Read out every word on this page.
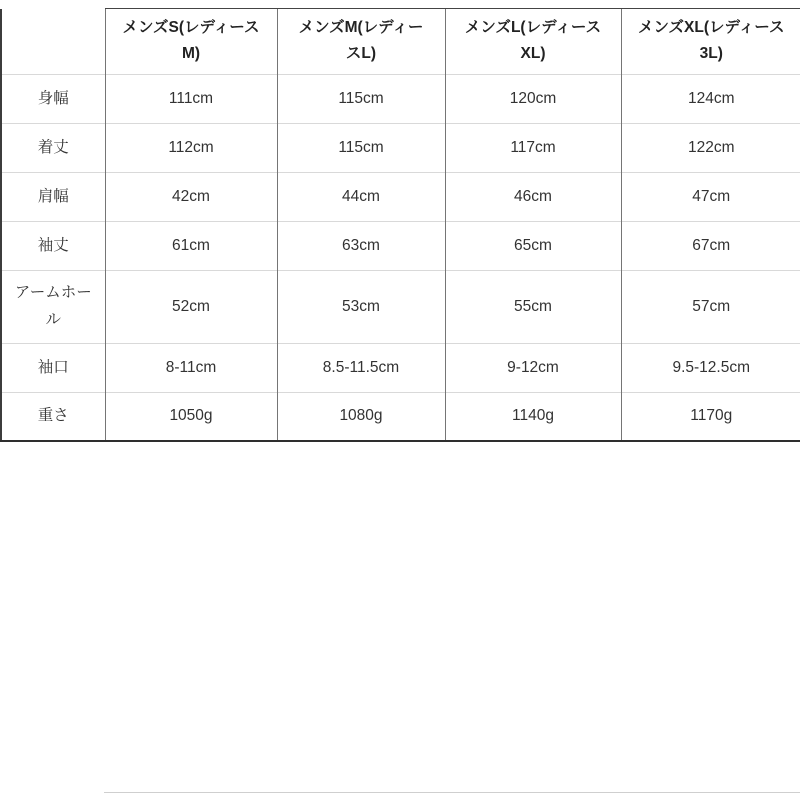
	メンズS(レディースM)	メンズM(レディースL)	メンズL(レディースXL)	メンズXL(レディース3L)
身幅	111cm	115cm	120cm	124cm
着丈	112cm	115cm	117cm	122cm
肩幅	42cm	44cm	46cm	47cm
袖丈	61cm	63cm	65cm	67cm
アームホール	52cm	53cm	55cm	57cm
袖口	8-11cm	8.5-11.5cm	9-12cm	9.5-12.5cm
重さ	1050g	1080g	1140g	1170g
